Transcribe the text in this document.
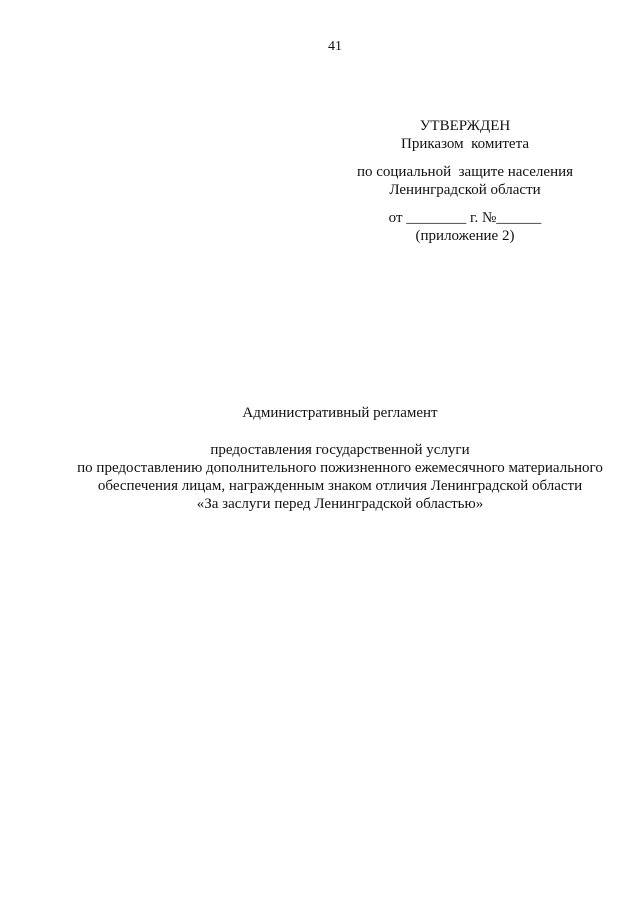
41
УТВЕРЖДЕН
Приказом  комитета
по социальной  защите населения
Ленинградской области
от ________ г. №______
(приложение 2)
Административный регламент
предоставления государственной услуги
по предоставлению дополнительного пожизненного ежемесячного материального
обеспечения лицам, награжденным знаком отличия Ленинградской области
«За заслуги перед Ленинградской областью»
